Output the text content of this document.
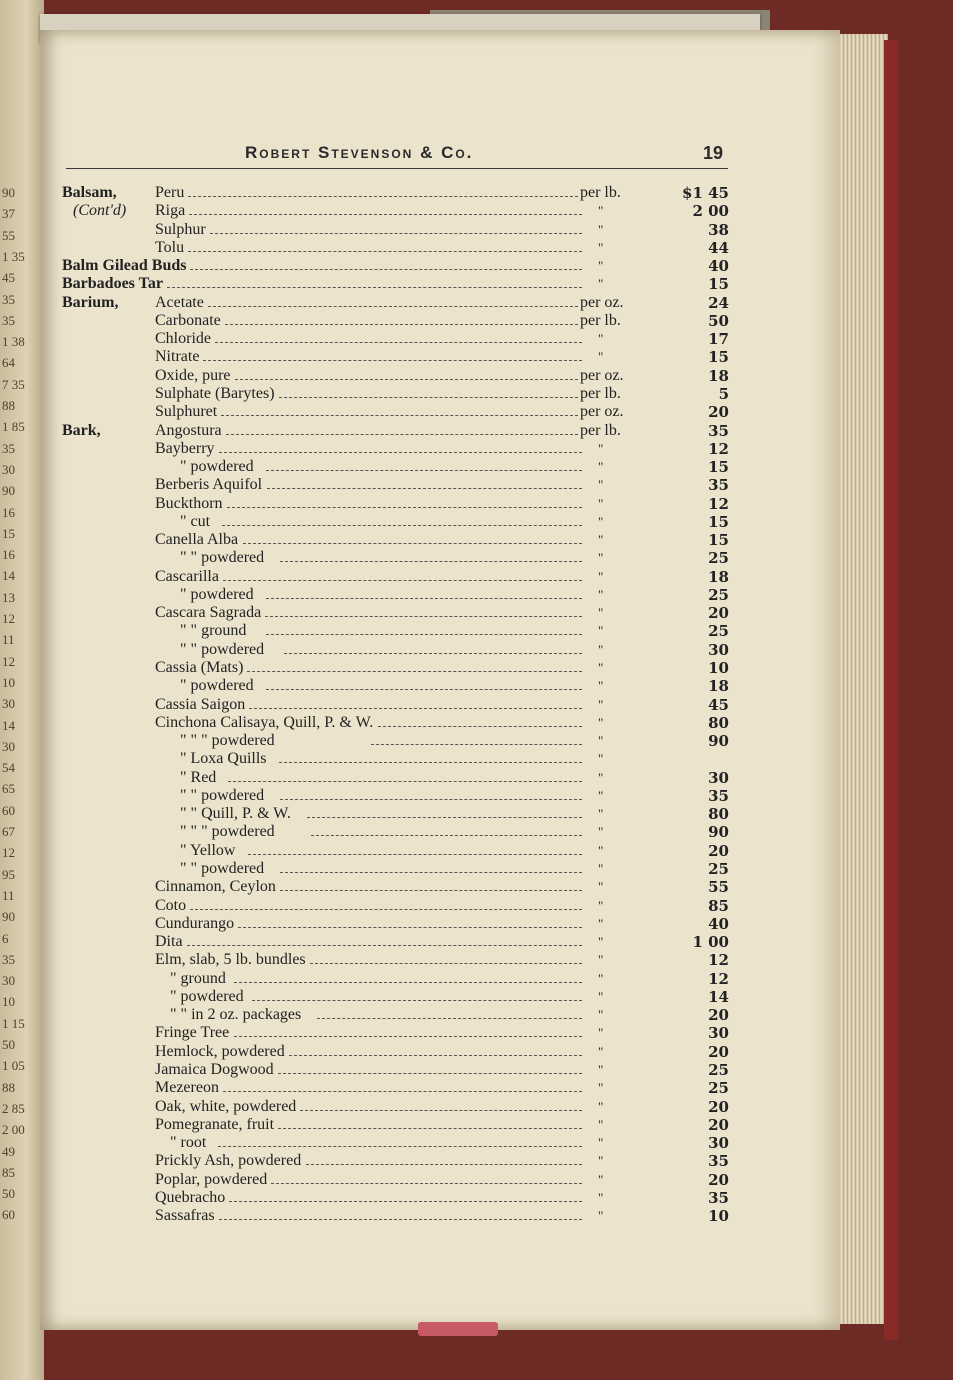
90
37
55
1 35
45
35
35
1 38
64
7 35
88
1 85
35
30
90
16
15
16
14
13
12
11
12
10
30
14
30
54
65
60
67
12
95
11
90
6
35
30
10
1 15
50
1 05
88
2 85
2 00
49
85
50
60
Robert Stevenson & Co.	19
Balsam, Peru	per lb.	$1 45
(Cont'd) Riga	"	2 00
Sulphur	"	38
Tolu	"	44
Balm Gilead Buds	"	40
Barbadoes Tar	"	15
Barium, Acetate	per oz.	24
Carbonate	per lb.	50
Chloride	"	17
Nitrate	"	15
Oxide, pure	per oz.	18
Sulphate (Barytes)	per lb.	5
Sulphuret	per oz.	20
Bark,	Angostura	per lb.	35
Bayberry	"	12
" powdered	"	15
Berberis Aquifol	"	35
Buckthorn	"	12
" cut	"	15
Canella Alba	"	15
" " powdered	"	25
Cascarilla	"	18
" powdered	"	25
Cascara Sagrada	"	20
" " ground	"	25
" " powdered	"	30
Cassia (Mats)	"	10
" powdered	"	18
Cassia Saigon	"	45
Cinchona Calisaya, Quill, P. & W.	"	80
" " " powdered	"	90
" Loxa Quills	"
" Red	"	30
" " powdered	"	35
" " Quill, P. & W.	"	80
" " " powdered	"	90
" Yellow	"	20
" " powdered	"	25
Cinnamon, Ceylon	"	55
Coto	"	85
Cundurango	"	40
Dita	"	1 00
Elm, slab, 5 lb. bundles	"	12
" ground	"	12
" powdered	"	14
" " in 2 oz. packages	"	20
Fringe Tree	"	30
Hemlock, powdered	"	20
Jamaica Dogwood	"	25
Mezereon	"	25
Oak, white, powdered	"	20
Pomegranate, fruit	"	20
" root	"	30
Prickly Ash, powdered	"	35
Poplar, powdered	"	20
Quebracho	"	35
Sassafras	"	10
